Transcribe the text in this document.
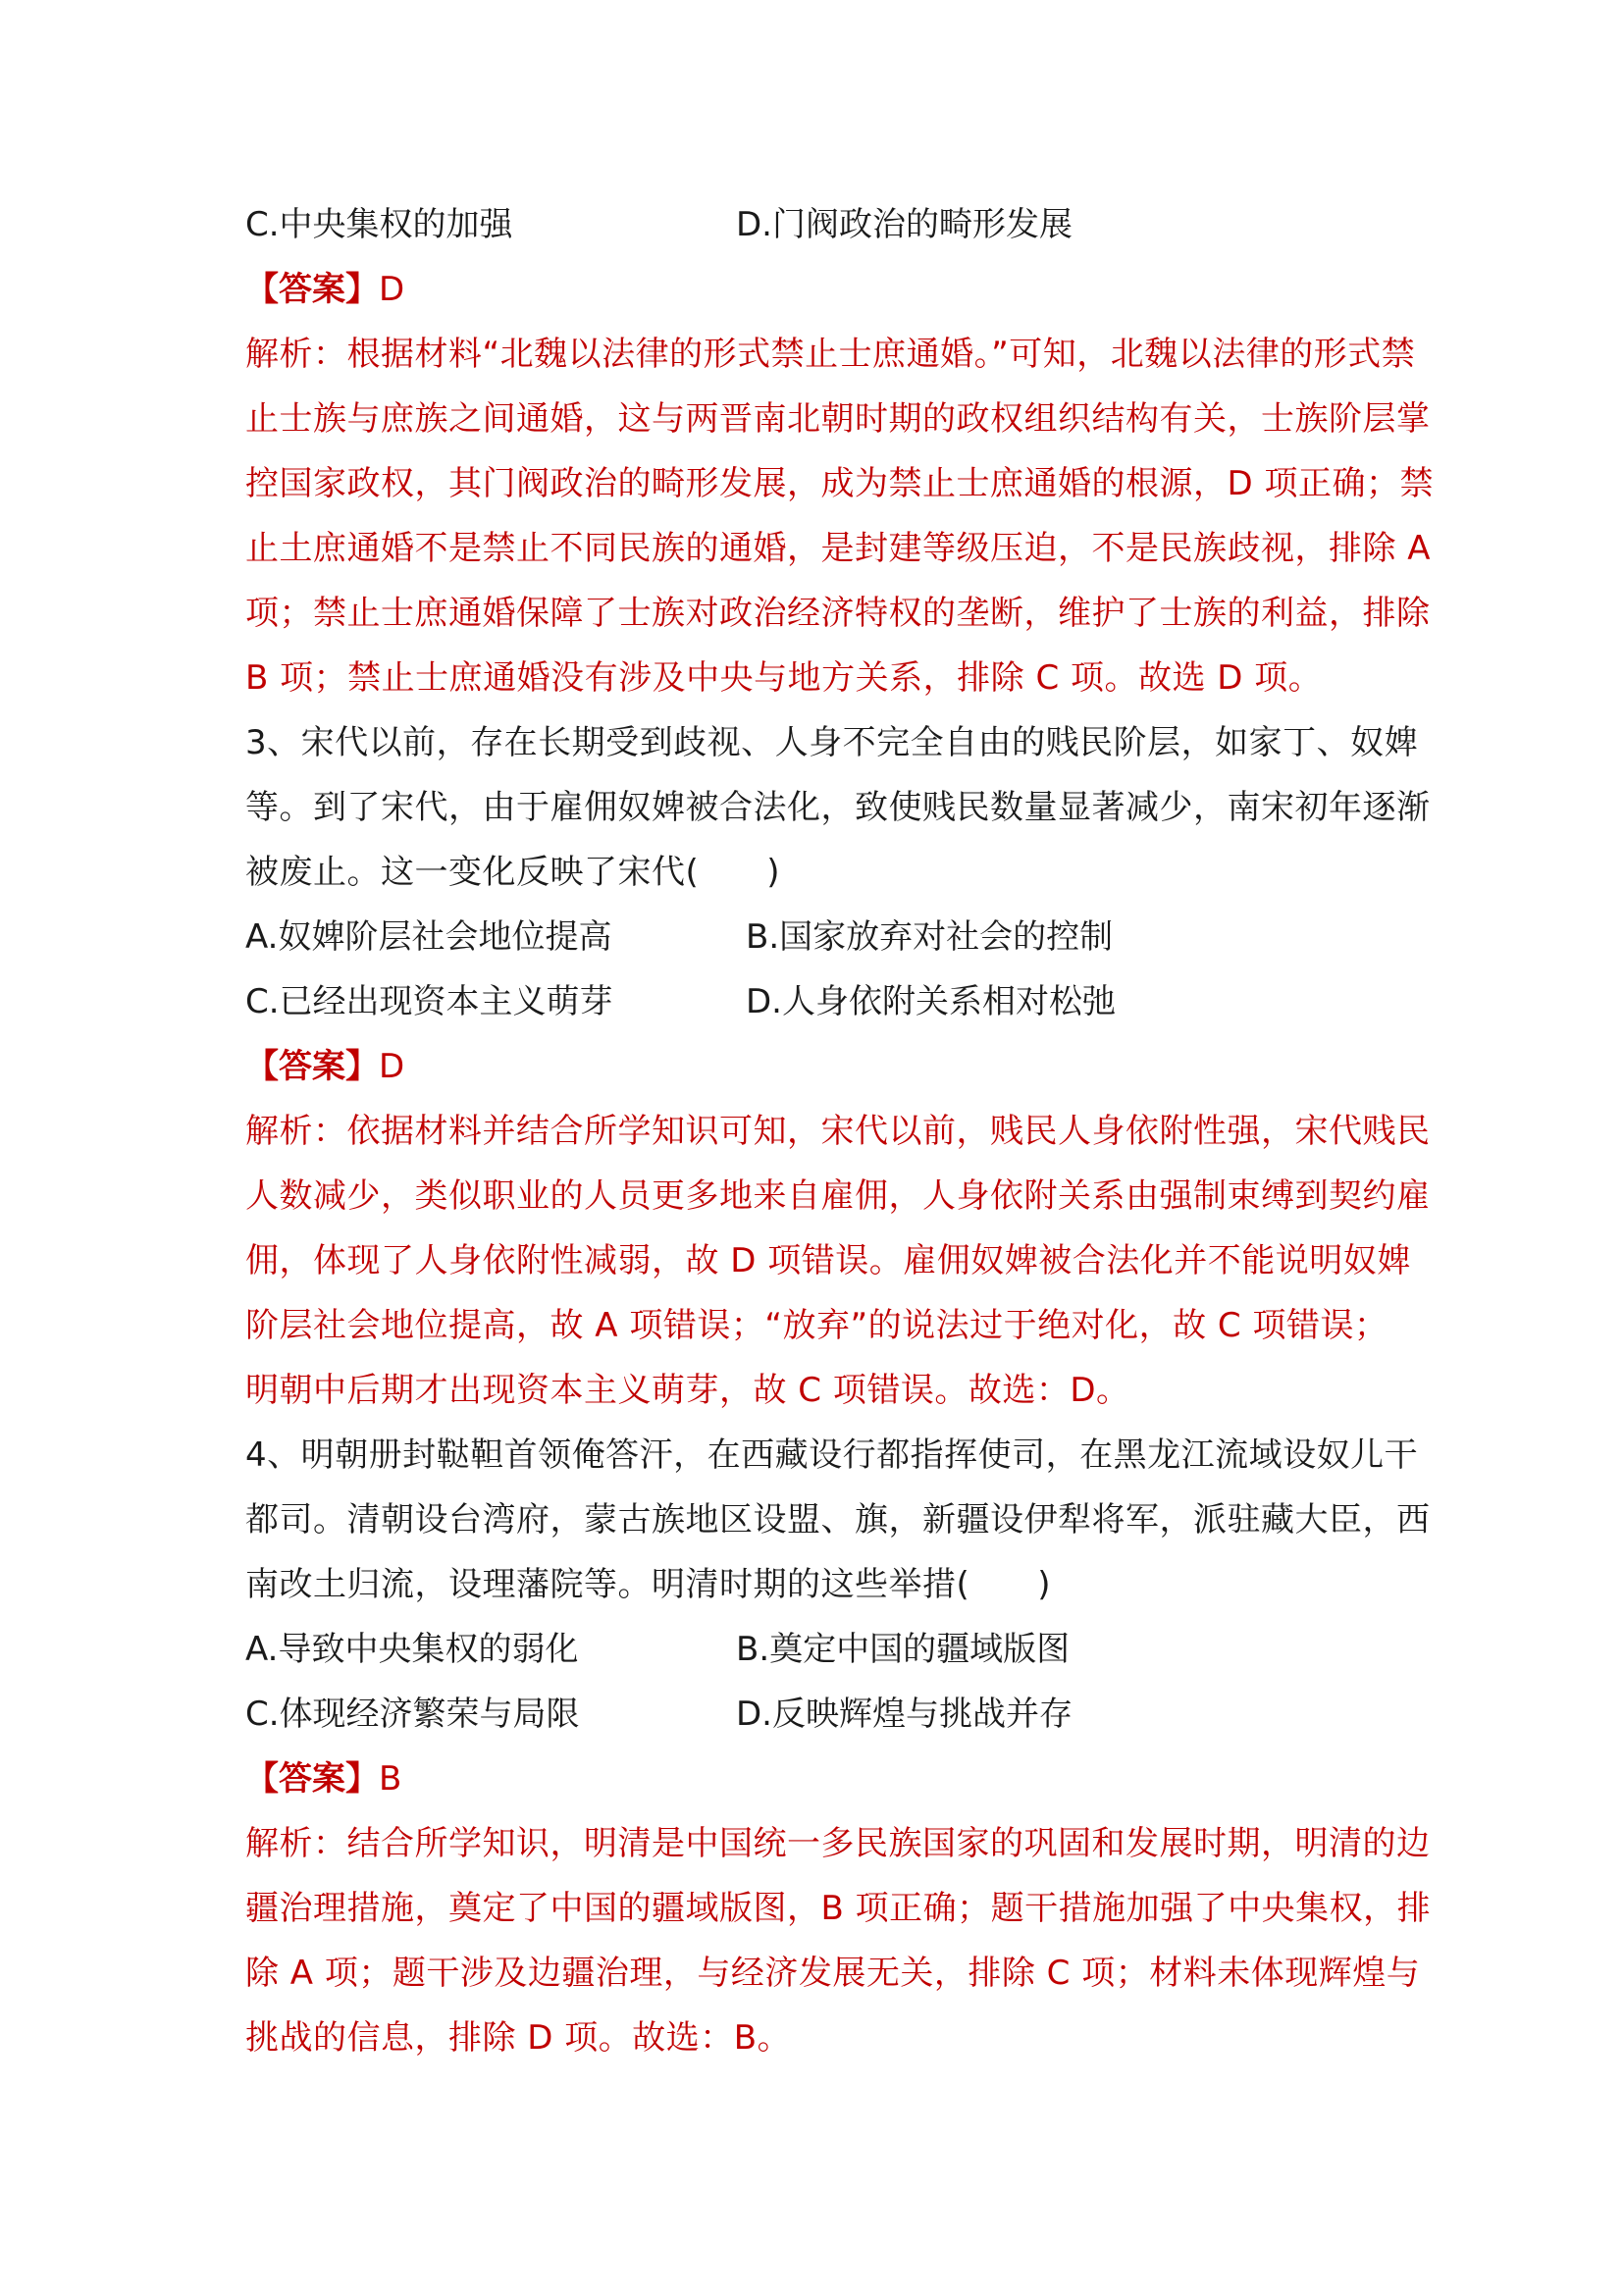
C.中央集权的加强	D.门阀政治的畸形发展
【答案】D
解析：根据材料“北魏以法律的形式禁止士庶通婚。”可知，北魏以法律的形式禁
止士族与庶族之间通婚，这与两晋南北朝时期的政权组织结构有关，士族阶层掌
控国家政权，其门阀政治的畸形发展，成为禁止士庶通婚的根源，D 项正确；禁
止土庶通婚不是禁止不同民族的通婚，是封建等级压迫，不是民族歧视，排除 A
项；禁止士庶通婚保障了士族对政治经济特权的垄断，维护了士族的利益，排除
B 项；禁止士庶通婚没有涉及中央与地方关系，排除 C 项。故选 D 项。
3、宋代以前，存在长期受到歧视、人身不完全自由的贱民阶层，如家丁、奴婢
等。到了宋代，由于雇佣奴婢被合法化，致使贱民数量显著减少，南宋初年逐渐
被废止。这一变化反映了宋代(　　)
A.奴婢阶层社会地位提高	B.国家放弃对社会的控制
C.已经出现资本主义萌芽	D.人身依附关系相对松弛
【答案】D
解析：依据材料并结合所学知识可知，宋代以前，贱民人身依附性强，宋代贱民
人数减少，类似职业的人员更多地来自雇佣，人身依附关系由强制束缚到契约雇
佣，体现了人身依附性减弱，故 D 项错误。雇佣奴婢被合法化并不能说明奴婢
阶层社会地位提高，故 A 项错误；“放弃”的说法过于绝对化，故 C 项错误；
明朝中后期才出现资本主义萌芽，故 C 项错误。故选：D。
4、明朝册封鞑靼首领俺答汗，在西藏设行都指挥使司，在黑龙江流域设奴儿干
都司。清朝设台湾府，蒙古族地区设盟、旗，新疆设伊犁将军，派驻藏大臣，西
南改土归流，设理藩院等。明清时期的这些举措(　　)
A.导致中央集权的弱化	B.奠定中国的疆域版图
C.体现经济繁荣与局限	D.反映辉煌与挑战并存
【答案】B
解析：结合所学知识，明清是中国统一多民族国家的巩固和发展时期，明清的边
疆治理措施，奠定了中国的疆域版图，B 项正确；题干措施加强了中央集权，排
除 A 项；题干涉及边疆治理，与经济发展无关，排除 C 项；材料未体现辉煌与
挑战的信息，排除 D 项。故选：B。
